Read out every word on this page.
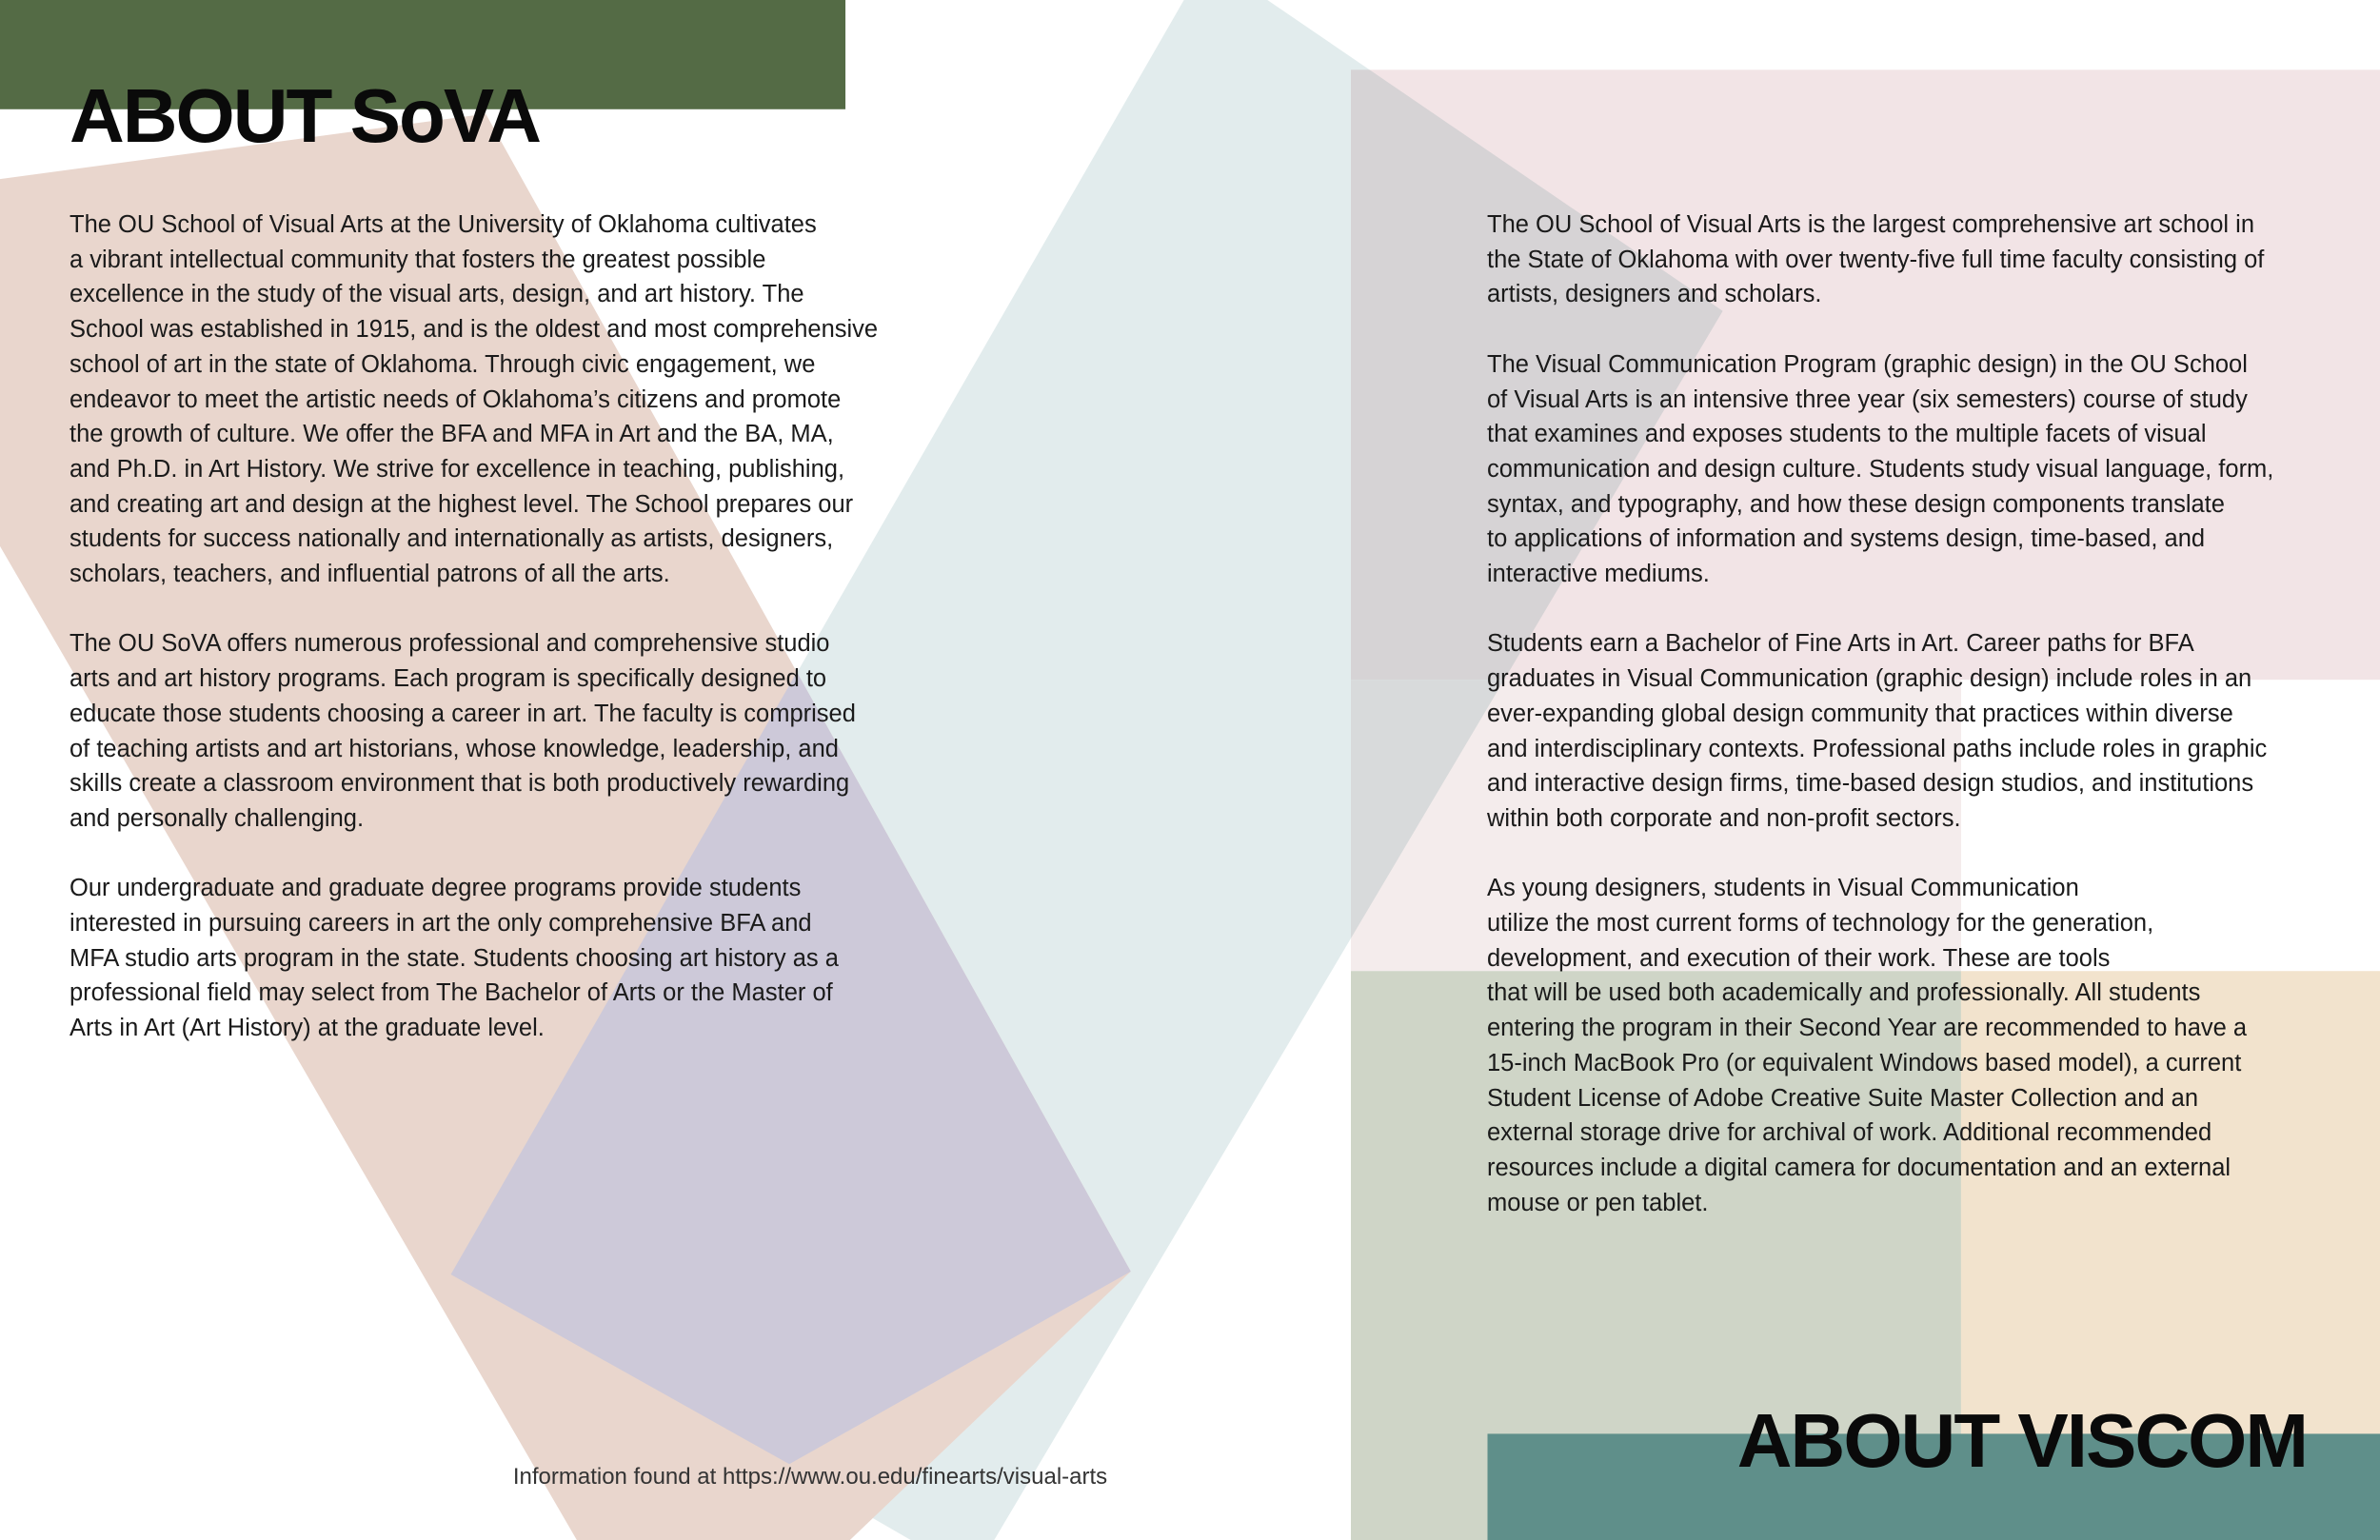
ABOUT SoVA

The OU School of Visual Arts at the University of Oklahoma cultivates
a vibrant intellectual community that fosters the greatest possible
excellence in the study of the visual arts, design, and art history. The
School was established in 1915, and is the oldest and most comprehensive
school of art in the state of Oklahoma. Through civic engagement, we
endeavor to meet the artistic needs of Oklahoma’s citizens and promote
the growth of culture. We offer the BFA and MFA in Art and the BA, MA,
and Ph.D. in Art History. We strive for excellence in teaching, publishing,
and creating art and design at the highest level. The School prepares our
students for success nationally and internationally as artists, designers,
scholars, teachers, and influential patrons of all the arts.

The OU SoVA offers numerous professional and comprehensive studio
arts and art history programs. Each program is specifically designed to
educate those students choosing a career in art. The faculty is comprised
of teaching artists and art historians, whose knowledge, leadership, and
skills create a classroom environment that is both productively rewarding
and personally challenging.

Our undergraduate and graduate degree programs provide students
interested in pursuing careers in art the only comprehensive BFA and
MFA studio arts program in the state. Students choosing art history as a
professional field may select from The Bachelor of Arts or the Master of
Arts in Art (Art History) at the graduate level.

The OU School of Visual Arts is the largest comprehensive art school in
the State of Oklahoma with over twenty-five full time faculty consisting of
artists, designers and scholars.

The Visual Communication Program (graphic design) in the OU School
of Visual Arts is an intensive three year (six semesters) course of study
that examines and exposes students to the multiple facets of visual
communication and design culture. Students study visual language, form,
syntax, and typography, and how these design components translate
to applications of information and systems design, time-based, and
interactive mediums.

Students earn a Bachelor of Fine Arts in Art. Career paths for BFA
graduates in Visual Communication (graphic design) include roles in an
ever-expanding global design community that practices within diverse
and interdisciplinary contexts. Professional paths include roles in graphic
and interactive design firms, time-based design studios, and institutions
within both corporate and non-profit sectors.

As young designers, students in Visual Communication
utilize the most current forms of technology for the generation,
development, and execution of their work. These are tools
that will be used both academically and professionally. All students
entering the program in their Second Year are recommended to have a
15-inch MacBook Pro (or equivalent Windows based model), a current
Student License of Adobe Creative Suite Master Collection and an
external storage drive for archival of work. Additional recommended
resources include a digital camera for documentation and an external
mouse or pen tablet.

ABOUT VISCOM
Information found at https://www.ou.edu/finearts/visual-arts
